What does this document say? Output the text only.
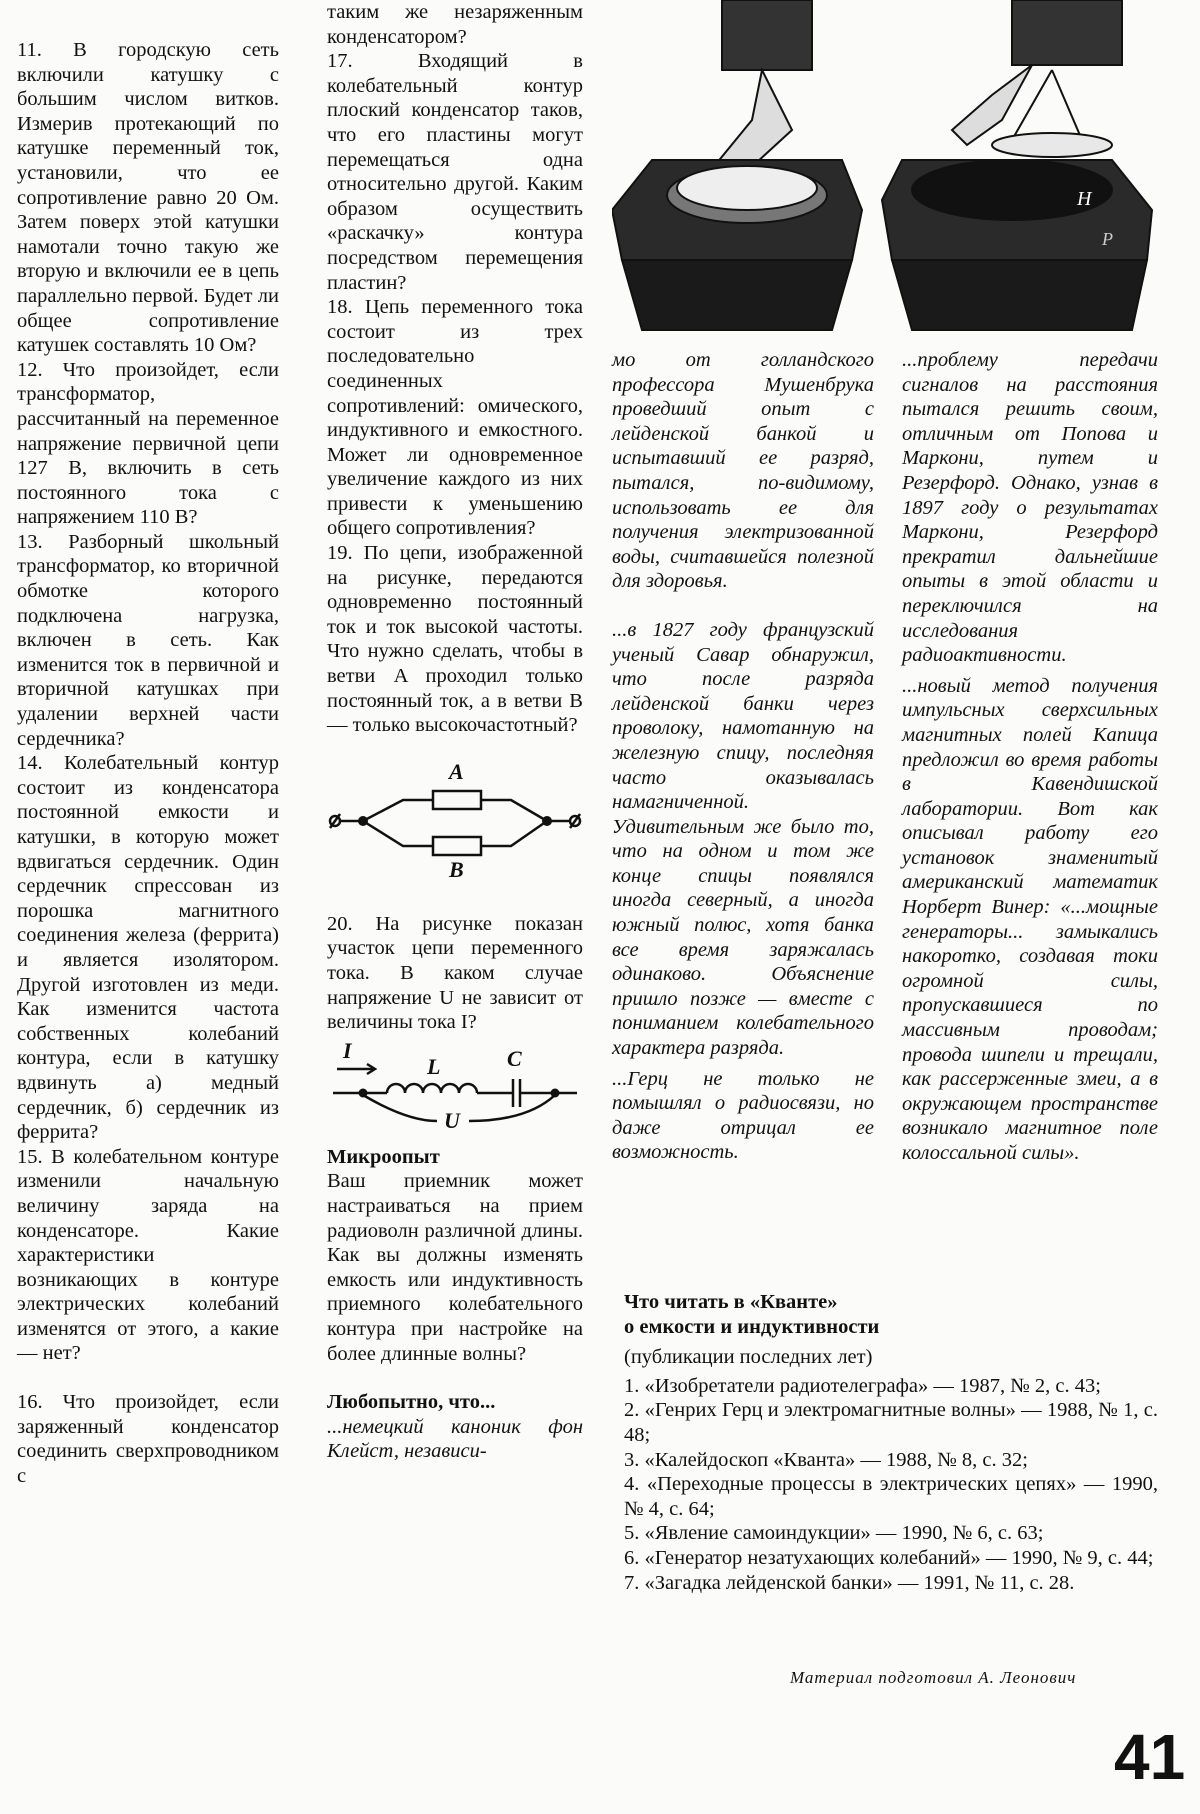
11. В городскую сеть включили катушку с большим числом витков. Измерив протекающий по катушке переменный ток, установили, что ее сопротивление равно 20 Ом. Затем поверх этой катушки намотали точно такую же вторую и включили ее в цепь параллельно первой. Будет ли общее сопротивление катушек составлять 10 Ом?

12. Что произойдет, если трансформатор, рассчитанный на переменное напряжение первичной цепи 127 В, включить в сеть постоянного тока с напряжением 110 В?

13. Разборный школьный трансформатор, ко вторичной обмотке которого подключена нагрузка, включен в сеть. Как изменится ток в первичной и вторичной катушках при удалении верхней части сердечника?

14. Колебательный контур состоит из конденсатора постоянной емкости и катушки, в которую может вдвигаться сердечник. Один сердечник спрессован из порошка магнитного соединения железа (феррита) и является изолятором. Другой изготовлен из меди. Как изменится частота собственных колебаний контура, если в катушку вдвинуть а) медный сердечник, б) сердечник из феррита?

15. В колебательном контуре изменили начальную величину заряда на конденсаторе. Какие характеристики возникающих в контуре электрических колебаний изменятся от этого, а какие — нет?

16. Что произойдет, если заряженный конденсатор соединить сверхпроводником с

таким же незаряженным конденсатором?

17. Входящий в колебательный контур плоский конденсатор таков, что его пластины могут перемещаться одна относительно другой. Каким образом осуществить «раскачку» контура посредством перемещения пластин?

18. Цепь переменного тока состоит из трех последовательно соединенных сопротивлений: омического, индуктивного и емкостного. Может ли одновременное увеличение каждого из них привести к уменьшению общего сопротивления?

19. По цепи, изображенной на рисунке, передаются одновременно постоянный ток и ток высокой частоты. Что нужно сделать, чтобы в ветви A проходил только постоянный ток, а в ветви B — только высокочастотный?

A
B

20. На рисунке показан участок цепи переменного тока. В каком случае напряжение U не зависит от величины тока I?

I
L	C
U

Микроопыт

Ваш приемник может настраиваться на прием радиоволн различной длины. Как вы должны изменять емкость или индуктивность приемного колебательного контура при настройке на более длинные волны?

Любопытно, что...

...немецкий каноник фон Клейст, независи-

H
P

мо от голландского профессора Мушенбрука проведший опыт с лейденской банкой и испытавший ее разряд, пытался, по-видимому, использовать ее для получения электризованной воды, считавшейся полезной для здоровья.

...в 1827 году французский ученый Савар обнаружил, что после разряда лейденской банки через проволоку, намотанную на железную спицу, последняя часто оказывалась намагниченной. Удивительным же было то, что на одном и том же конце спицы появлялся иногда северный, а иногда южный полюс, хотя банка все время заряжалась одинаково. Объяснение пришло позже — вместе с пониманием колебательного характера разряда.

...Герц не только не помышлял о радиосвязи, но даже отрицал ее возможность.

...проблему передачи сигналов на расстояния пытался решить своим, отличным от Попова и Маркони, путем и Резерфорд. Однако, узнав в 1897 году о результатах Маркони, Резерфорд прекратил дальнейшие опыты в этой области и переключился на исследования радиоактивности.

...новый метод получения импульсных сверхсильных магнитных полей Капица предложил во время работы в Кавендишской лаборатории. Вот как описывал работу его установок знаменитый американский математик Норберт Винер: «...мощные генераторы... замыкались накоротко, создавая токи огромной силы, пропускавшиеся по массивным проводам; провода шипели и трещали, как рассерженные змеи, а в окружающем пространстве возникало магнитное поле колоссальной силы».

Что читать в «Кванте»

о емкости и индуктивности

(публикации последних лет)

1. «Изобретатели радиотелеграфа» — 1987, № 2, с. 43;

2. «Генрих Герц и электромагнитные волны» — 1988, № 1, с. 48;

3. «Калейдоскоп «Кванта» — 1988, № 8, с. 32;

4. «Переходные процессы в электрических цепях» — 1990, № 4, с. 64;

5. «Явление самоиндукции» — 1990, № 6, с. 63;

6. «Генератор незатухающих колебаний» — 1990, № 9, с. 44;

7. «Загадка лейденской банки» — 1991, № 11, с. 28.

Материал подготовил А. Леонович
41
